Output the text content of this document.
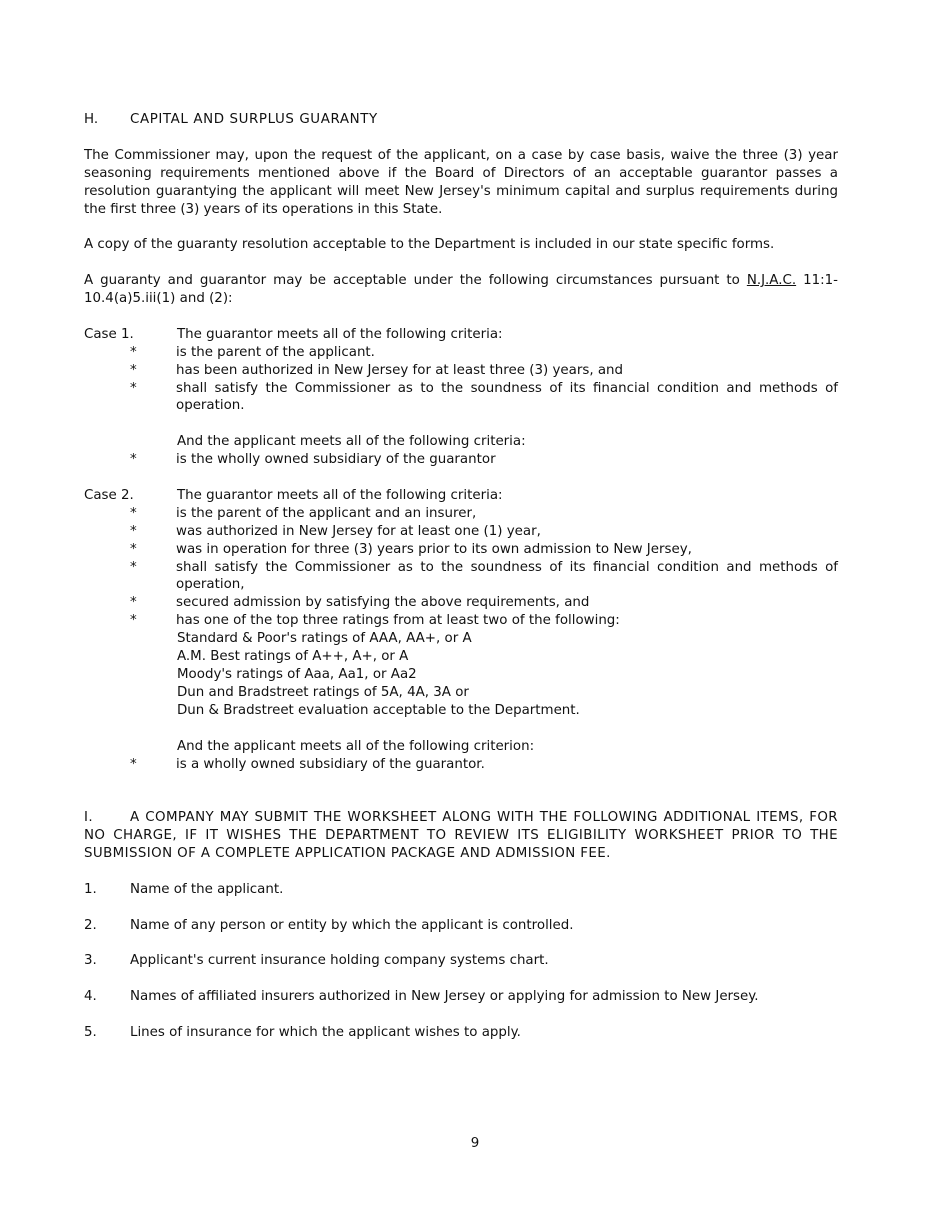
H.	CAPITAL AND SURPLUS GUARANTY

The Commissioner may, upon the request of the applicant, on a case by case basis, waive the three (3) year seasoning requirements mentioned above if the Board of Directors of an acceptable guarantor passes a resolution guarantying the applicant will meet New Jersey's minimum capital and surplus requirements during the first three (3) years of its operations in this State.

A copy of the guaranty resolution acceptable to the Department is included in our state specific forms.

A guaranty and guarantor may be acceptable under the following circumstances pursuant to N.J.A.C. 11:1-10.4(a)5.iii(1) and (2):

Case 1.	The guarantor meets all of the following criteria:
*	is the parent of the applicant.
*	has been authorized in New Jersey for at least three (3) years, and
*	shall satisfy the Commissioner as to the soundness of its financial condition and methods of operation.
And the applicant meets all of the following criteria:
*	is the wholly owned subsidiary of the guarantor
Case 2.	The guarantor meets all of the following criteria:
*	is the parent of the applicant and an insurer,
*	was authorized in New Jersey for at least one (1) year,
*	was in operation for three (3) years prior to its own admission to New Jersey,
*	shall satisfy the Commissioner as to the soundness of its financial condition and methods of operation,
*	secured admission by satisfying the above requirements, and
*	has one of the top three ratings from at least two of the following:
Standard & Poor's ratings of AAA, AA+, or A
A.M. Best ratings of A++, A+, or A
Moody's ratings of Aaa, Aa1, or Aa2
Dun and Bradstreet ratings of 5A, 4A, 3A or
Dun & Bradstreet evaluation acceptable to the Department.
And the applicant meets all of the following criterion:
*	is a wholly owned subsidiary of the guarantor.

I.	A COMPANY MAY SUBMIT THE WORKSHEET ALONG WITH THE FOLLOWING ADDITIONAL ITEMS, FOR NO CHARGE, IF IT WISHES THE DEPARTMENT TO REVIEW ITS ELIGIBILITY WORKSHEET PRIOR TO THE SUBMISSION OF A COMPLETE APPLICATION PACKAGE AND ADMISSION FEE.

1.	Name of the applicant.
2.	Name of any person or entity by which the applicant is controlled.
3.	Applicant's current insurance holding company systems chart.
4.	Names of affiliated insurers authorized in New Jersey or applying for admission to New Jersey.
5.	Lines of insurance for which the applicant wishes to apply.
9
